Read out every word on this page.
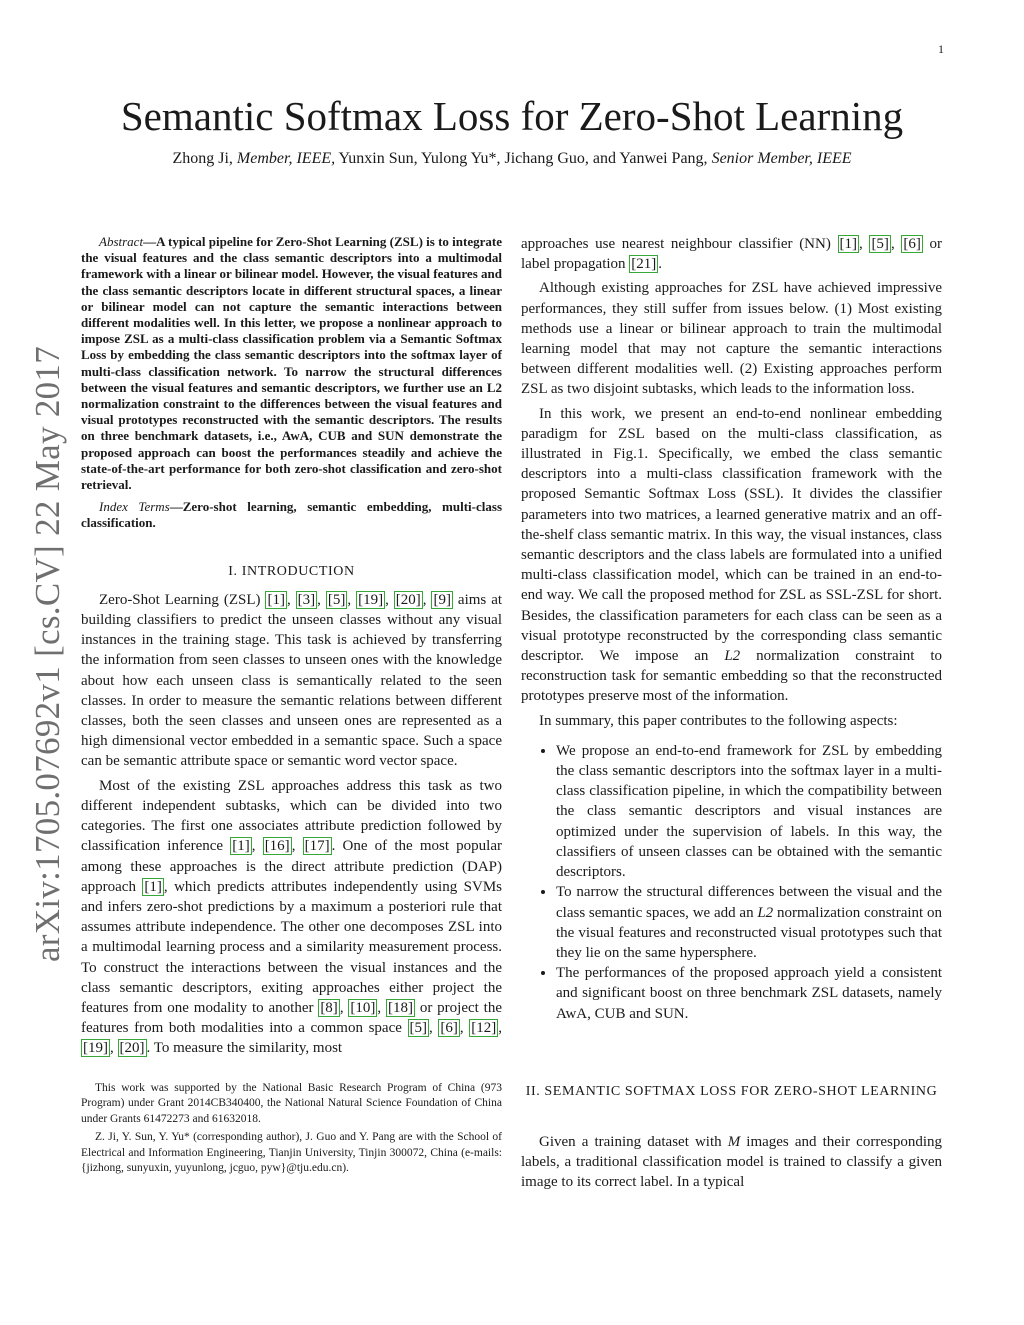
1
arXiv:1705.07692v1 [cs.CV] 22 May 2017
Semantic Softmax Loss for Zero-Shot Learning
Zhong Ji, Member, IEEE, Yunxin Sun, Yulong Yu*, Jichang Guo, and Yanwei Pang, Senior Member, IEEE

Abstract—A typical pipeline for Zero-Shot Learning (ZSL) is to integrate the visual features and the class semantic descriptors into a multimodal framework with a linear or bilinear model. However, the visual features and the class semantic descriptors locate in different structural spaces, a linear or bilinear model can not capture the semantic interactions between different modalities well. In this letter, we propose a nonlinear approach to impose ZSL as a multi-class classification problem via a Semantic Softmax Loss by embedding the class semantic descriptors into the softmax layer of multi-class classification network. To narrow the structural differences between the visual features and semantic descriptors, we further use an L2 normalization constraint to the differences between the visual features and visual prototypes reconstructed with the semantic descriptors. The results on three benchmark datasets, i.e., AwA, CUB and SUN demonstrate the proposed approach can boost the performances steadily and achieve the state-of-the-art performance for both zero-shot classification and zero-shot retrieval.

Index Terms—Zero-shot learning, semantic embedding, multi-class classification.

I. INTRODUCTION

Zero-Shot Learning (ZSL) [1] , [3] , [5] , [19] , [20] , [9] aims at building classifiers to predict the unseen classes without any visual instances in the training stage. This task is achieved by transferring the information from seen classes to unseen ones with the knowledge about how each unseen class is semantically related to the seen classes. In order to measure the semantic relations between different classes, both the seen classes and unseen ones are represented as a high dimensional vector embedded in a semantic space. Such a space can be semantic attribute space or semantic word vector space.

Most of the existing ZSL approaches address this task as two different independent subtasks, which can be divided into two categories. The first one associates attribute prediction followed by classification inference [1] , [16] , [17] . One of the most popular among these approaches is the direct attribute prediction (DAP) approach [1] , which predicts attributes independently using SVMs and infers zero-shot predictions by a maximum a posteriori rule that assumes attribute independence. The other one decomposes ZSL into a multimodal learning process and a similarity measurement process. To construct the interactions between the visual instances and the class semantic descriptors, exiting approaches either project the features from one modality to another [8] , [10] , [18] or project the features from both modalities into a common space [5] , [6] , [12] , [19] , [20] . To measure the similarity, most

This work was supported by the National Basic Research Program of China (973 Program) under Grant 2014CB340400, the National Natural Science Foundation of China under Grants 61472273 and 61632018.

Z. Ji, Y. Sun, Y. Yu* (corresponding author), J. Guo and Y. Pang are with the School of Electrical and Information Engineering, Tianjin University, Tinjin 300072, China (e-mails: {jizhong, sunyuxin, yuyunlong, jcguo, pyw}@tju.edu.cn).

approaches use nearest neighbour classifier (NN) [1] , [5] , [6] or label propagation [21] .

Although existing approaches for ZSL have achieved impressive performances, they still suffer from issues below. (1) Most existing methods use a linear or bilinear approach to train the multimodal learning model that may not capture the semantic interactions between different modalities well. (2) Existing approaches perform ZSL as two disjoint subtasks, which leads to the information loss.

In this work, we present an end-to-end nonlinear embedding paradigm for ZSL based on the multi-class classification, as illustrated in Fig.1. Specifically, we embed the class semantic descriptors into a multi-class classification framework with the proposed Semantic Softmax Loss (SSL). It divides the classifier parameters into two matrices, a learned generative matrix and an off-the-shelf class semantic matrix. In this way, the visual instances, class semantic descriptors and the class labels are formulated into a unified multi-class classification model, which can be trained in an end-to-end way. We call the proposed method for ZSL as SSL-ZSL for short. Besides, the classification parameters for each class can be seen as a visual prototype reconstructed by the corresponding class semantic descriptor. We impose an L2 normalization constraint to reconstruction task for semantic embedding so that the reconstructed prototypes preserve most of the information.

In summary, this paper contributes to the following aspects:

• We propose an end-to-end framework for ZSL by embedding the class semantic descriptors into the softmax layer in a multi-class classification pipeline, in which the compatibility between the class semantic descriptors and visual instances are optimized under the supervision of labels. In this way, the classifiers of unseen classes can be obtained with the semantic descriptors.
• To narrow the structural differences between the visual and the class semantic spaces, we add an L2 normalization constraint on the visual features and reconstructed visual prototypes such that they lie on the same hypersphere.
• The performances of the proposed approach yield a consistent and significant boost on three benchmark ZSL datasets, namely AwA, CUB and SUN.
II. SEMANTIC SOFTMAX LOSS FOR ZERO-SHOT LEARNING

Given a training dataset with M images and their corresponding labels, a traditional classification model is trained to classify a given image to its correct label. In a typical
